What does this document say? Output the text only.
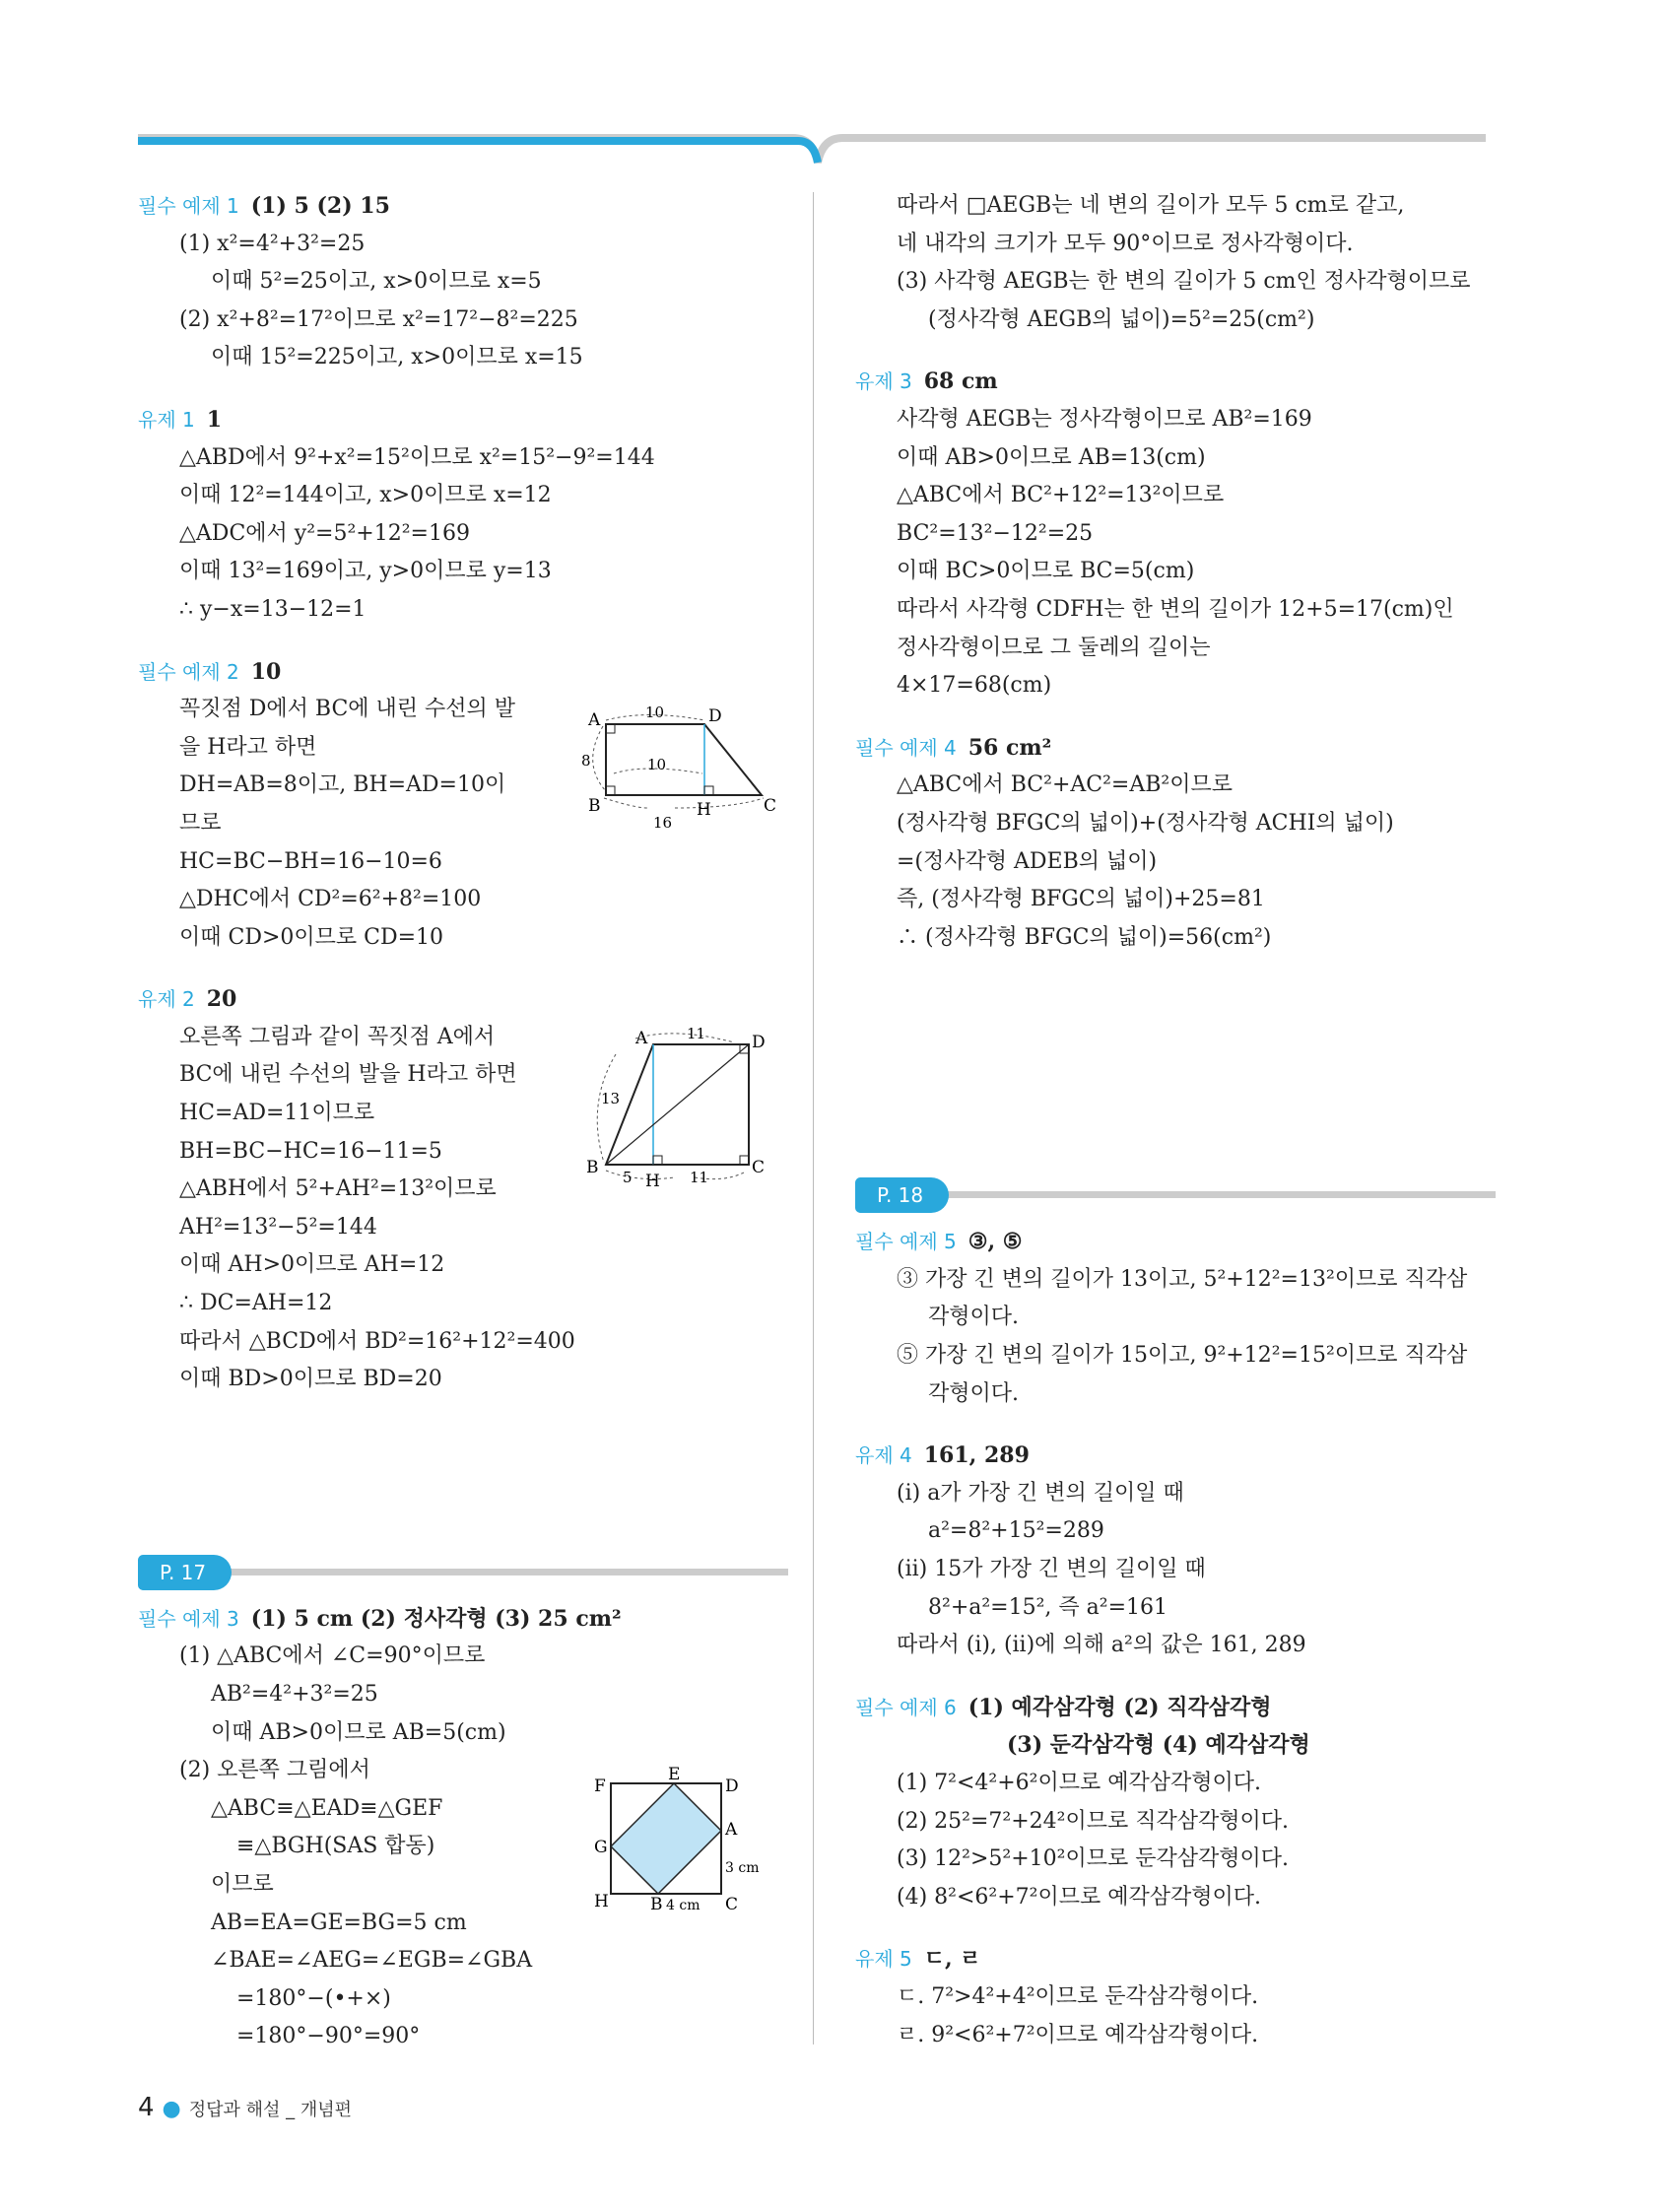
필수 예제 1 (1) 5 (2) 15
(1) x²=4²+3²=25
이때 5²=25이고, x>0이므로 x=5
(2) x²+8²=17²이므로 x²=17²−8²=225
이때 15²=225이고, x>0이므로 x=15
유제 1 1
△ABD에서 9²+x²=15²이므로 x²=15²−9²=144
이때 12²=144이고, x>0이므로 x=12
△ADC에서 y²=5²+12²=169
이때 13²=169이고, y>0이므로 y=13
∴ y−x=13−12=1
필수 예제 2 10
꼭짓점 D에서 BC에 내린 수선의 발
을 H라고 하면
DH=AB=8이고, BH=AD=10이
므로
HC=BC−BH=16−10=6
△DHC에서 CD²=6²+8²=100
이때 CD>0이므로 CD=10
유제 2 20
오른쪽 그림과 같이 꼭짓점 A에서
BC에 내린 수선의 발을 H라고 하면
HC=AD=11이므로
BH=BC−HC=16−11=5
△ABH에서 5²+AH²=13²이므로
AH²=13²−5²=144
이때 AH>0이므로 AH=12
∴ DC=AH=12
따라서 △BCD에서 BD²=16²+12²=400
이때 BD>0이므로 BD=20
P. 17
필수 예제 3 (1) 5 cm (2) 정사각형 (3) 25 cm²
(1) △ABC에서 ∠C=90°이므로
AB²=4²+3²=25
이때 AB>0이므로 AB=5(cm)
(2) 오른쪽 그림에서
△ABC≡△EAD≡△GEF
≡△BGH(SAS 합동)
이므로
AB=EA=GE=BG=5 cm
∠BAE=∠AEG=∠EGB=∠GBA
=180°−(•+×)
=180°−90°=90°
A	D
B	H	C
10
10
8
16
A	D
B
H
C
11
13
5	11
F
E
D
G
A
H B	C
4 cm
3 cm
따라서 □AEGB는 네 변의 길이가 모두 5 cm로 같고,
네 내각의 크기가 모두 90°이므로 정사각형이다.
(3) 사각형 AEGB는 한 변의 길이가 5 cm인 정사각형이므로
(정사각형 AEGB의 넓이)=5²=25(cm²)
유제 3 68 cm
사각형 AEGB는 정사각형이므로 AB²=169
이때 AB>0이므로 AB=13(cm)
△ABC에서 BC²+12²=13²이므로
BC²=13²−12²=25
이때 BC>0이므로 BC=5(cm)
따라서 사각형 CDFH는 한 변의 길이가 12+5=17(cm)인
정사각형이므로 그 둘레의 길이는
4×17=68(cm)
필수 예제 4 56 cm²
△ABC에서 BC²+AC²=AB²이므로
(정사각형 BFGC의 넓이)+(정사각형 ACHI의 넓이)
=(정사각형 ADEB의 넓이)
즉, (정사각형 BFGC의 넓이)+25=81
∴ (정사각형 BFGC의 넓이)=56(cm²)
P. 18
필수 예제 5 ③, ⑤
③ 가장 긴 변의 길이가 13이고, 5²+12²=13²이므로 직각삼
각형이다.
⑤ 가장 긴 변의 길이가 15이고, 9²+12²=15²이므로 직각삼
각형이다.
유제 4 161, 289
(i) a가 가장 긴 변의 길이일 때
a²=8²+15²=289
(ii) 15가 가장 긴 변의 길이일 때
8²+a²=15², 즉 a²=161
따라서 (i), (ii)에 의해 a²의 값은 161, 289
필수 예제 6 (1) 예각삼각형 (2) 직각삼각형
(3) 둔각삼각형 (4) 예각삼각형
(1) 7²<4²+6²이므로 예각삼각형이다.
(2) 25²=7²+24²이므로 직각삼각형이다.
(3) 12²>5²+10²이므로 둔각삼각형이다.
(4) 8²<6²+7²이므로 예각삼각형이다.
유제 5 ㄷ, ㄹ
ㄷ. 7²>4²+4²이므로 둔각삼각형이다.
ㄹ. 9²<6²+7²이므로 예각삼각형이다.
4 ● 정답과 해설 _ 개념편
